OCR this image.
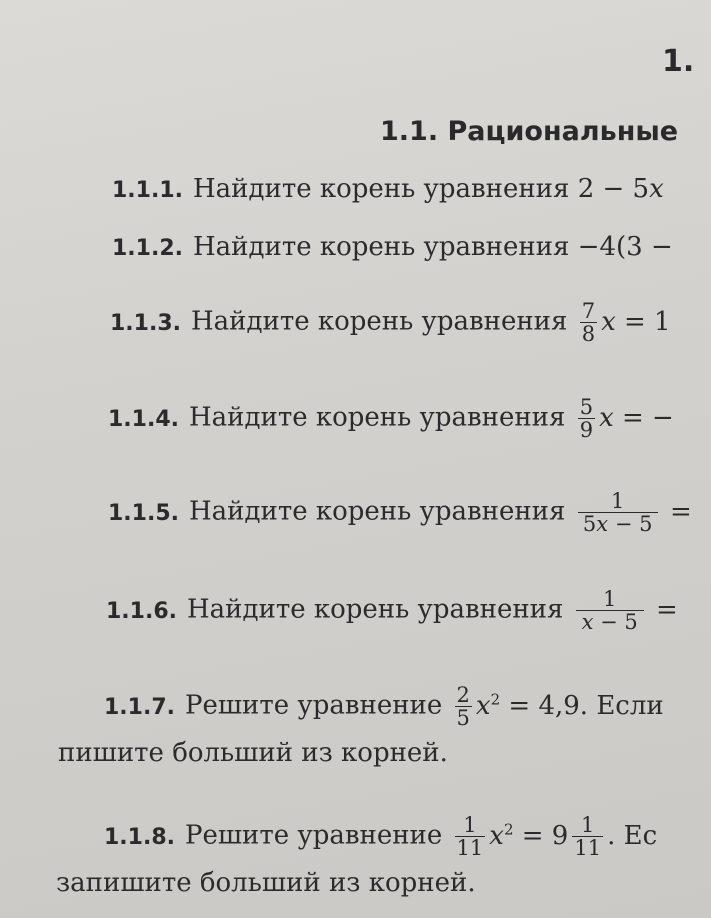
1.
1.1. Рациональные
1.1.1. Найдите корень уравнения 2 − 5x
1.1.2. Найдите корень уравнения −4(3 −
1.1.3. Найдите корень уравнения $\frac{7}{8}$ x = 1
1.1.4. Найдите корень уравнения $\frac{5}{9}$ x = −
1.1.5. Найдите корень уравнения $\frac{1}{5x - 5}$ =
1.1.6. Найдите корень уравнения $\frac{1}{x - 5}$ =
1.1.7. Решите уравнение $\frac{2}{5} x^2 = 4,9$. Если
пишите больший из корней.
1.1.8. Решите уравнение $\frac{1}{11} x^2 = 9 \frac{1}{11}$ . Ес
запишите больший из корней.
